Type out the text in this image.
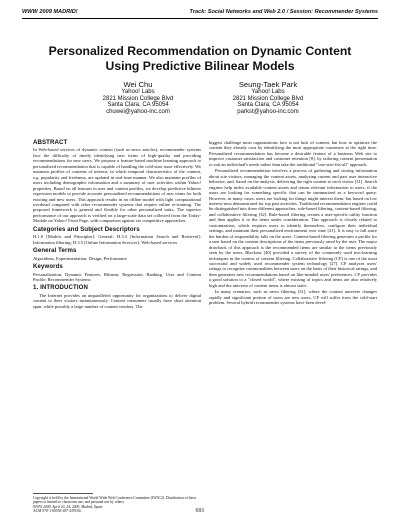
WWW 2009 MADRID!	Track: Social Networks and Web 2.0 / Session: Recommender Systems
Personalized Recommendation on Dynamic Content
Using Predictive Bilinear Models
Wei Chu
Yahoo! Labs
2821 Mission College Blvd
Santa Clara, CA 95054
chuwei@yahoo-inc.com
Seung-Taek Park
Yahoo! Labs
2821 Mission College Blvd
Santa Clara, CA 95054
parkst@yahoo-inc.com
ABSTRACT

In Web-based services of dynamic content (such as news articles), recommender systems face the difficulty of timely identifying new items of high-quality and providing recommendations for new users. We propose a feature-based machine learning approach to personalized recommendation that is capable of handling the cold-start issue effectively. We maintain profiles of contents of interest, in which temporal characteristics of the content, e.g. popularity and freshness, are updated in real-time manner. We also maintain profiles of users including demographic information and a summary of user activities within Yahoo! properties. Based on all features in user and content profiles, we develop predictive bilinear regression models to provide accurate personalized recommendations of new items for both existing and new users. This approach results in an offline model with light computational overhead compared with other recommender systems that require online re-training. The proposed framework is general and flexible for other personalized tasks. The superior performance of our approach is verified on a large-scale data set collected from the Today-Module on Yahoo! Front Page, with comparison against six competitive approaches.

Categories and Subject Descriptors

H.1.0 [Models and Principles]: General; H.3.3 [Information Search and Retrieval]: Information filtering; H.3.5 [Online Information Services]: Web-based services

General Terms

Algorithms, Experimentation, Design, Performance

Keywords

Personalization, Dynamic Features, Bilinear, Regression, Ranking, User and Content Profile, Recommender Systems

1. INTRODUCTION

The Internet provides an unparalleled opportunity for organizations to deliver digital content to their visitors instantaneously. Content consumers usually have short attention span, while possibly a large number of content vendors. The

Copyright is held by the International World Wide Web Conference Committee (IW3C2). Distribution of these papers is limited to classroom use, and personal use by others.
WWW 2009, April 20–24, 2009, Madrid, Spain.
ACM 978-1-60558-487-4/09/04.

biggest challenge most organizations face is not lack of content, but how to optimize the content they already own by identifying the most appropriate customers at the right time. Personalized recommendation has become a desirable feature of a business Web site to improve customer satisfaction and customer retention [8], by tailoring content presentation to suit an individual's needs rather than take the traditional "one-size-fits-all" approach.

Personalized recommendation involves a process of gathering and storing information about site visitors, managing the content assets, analyzing current and past user interactive behavior, and, based on the analysis, delivering the right content to each visitor [31]. Search engines help index available content assets and return relevant information to users, if the users are looking for something specific that can be summarized as a keyword query. However, in many cases, users are looking for things might interest them, but based on low interest-ness demonstrated for top past activities. Traditional recommendation engines could be distinguished into three different approaches: rule-based filtering, content-based filtering, and collaborative filtering [32]. Rule-based filtering creates a user-specific utility function and then applies it to the items under consideration. This approach is closely related to customization, which requires users to identify themselves, configure their individual settings, and maintain their personalized environment over time [21]. It is easy to fall since the burden of responsibility falls on the users. Content-based filtering generates a profile for a user based on the content descriptions of the items previously rated by the user. The major drawback of this approach is the recommended items are similar to the items previously seen by the users. Blackout [40] provided a survey of the commonly used text-learning techniques in the context of content filtering. Collaborative filtering (CF) is one of the most successful and widely used recommender system technology [27]. CF analyzes users' ratings to recognize commonalities between users on the basis of their historical ratings, and then generates new recommendations based on like-minded users' preferences. CF provides a good solution to a "closed world", where existing of topics and items are also relatively high and the universe of content items is almost static.

In many scenarios, such as news filtering [31], where the content universe changes rapidly and significant portion of users are new users, CF will suffer from the cold-start problem. Several hybrid recommender systems have been devel-

691
